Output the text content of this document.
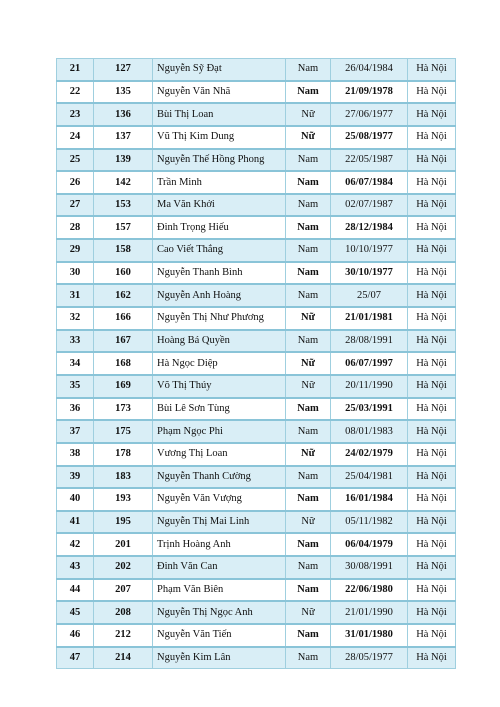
21	127	Nguyễn Sỹ Đạt	Nam	26/04/1984	Hà Nội
22	135	Nguyễn Văn Nhã	Nam	21/09/1978	Hà Nội
23	136	Bùi Thị Loan	Nữ	27/06/1977	Hà Nội
24	137	Vũ Thị Kim Dung	Nữ	25/08/1977	Hà Nội
25	139	Nguyễn Thế Hồng Phong	Nam	22/05/1987	Hà Nội
26	142	Trần Minh	Nam	06/07/1984	Hà Nội
27	153	Ma Văn Khởi	Nam	02/07/1987	Hà Nội
28	157	Đinh Trọng Hiếu	Nam	28/12/1984	Hà Nội
29	158	Cao Viết Thắng	Nam	10/10/1977	Hà Nội
30	160	Nguyễn Thanh Bình	Nam	30/10/1977	Hà Nội
31	162	Nguyễn Anh Hoàng	Nam	25/07	Hà Nội
32	166	Nguyễn Thị Như Phương	Nữ	21/01/1981	Hà Nội
33	167	Hoàng Bá Quyền	Nam	28/08/1991	Hà Nội
34	168	Hà Ngọc Diệp	Nữ	06/07/1997	Hà Nội
35	169	Võ Thị Thúy	Nữ	20/11/1990	Hà Nội
36	173	Bùi Lê Sơn Tùng	Nam	25/03/1991	Hà Nội
37	175	Phạm Ngọc Phi	Nam	08/01/1983	Hà Nội
38	178	Vương Thị Loan	Nữ	24/02/1979	Hà Nội
39	183	Nguyễn Thanh Cường	Nam	25/04/1981	Hà Nội
40	193	Nguyễn Văn Vượng	Nam	16/01/1984	Hà Nội
41	195	Nguyễn Thị Mai Linh	Nữ	05/11/1982	Hà Nội
42	201	Trịnh Hoàng Anh	Nam	06/04/1979	Hà Nội
43	202	Đinh Văn Can	Nam	30/08/1991	Hà Nội
44	207	Phạm Văn Biên	Nam	22/06/1980	Hà Nội
45	208	Nguyễn Thị Ngọc Anh	Nữ	21/01/1990	Hà Nội
46	212	Nguyễn Văn Tiến	Nam	31/01/1980	Hà Nội
47	214	Nguyễn Kim Lân	Nam	28/05/1977	Hà Nội
